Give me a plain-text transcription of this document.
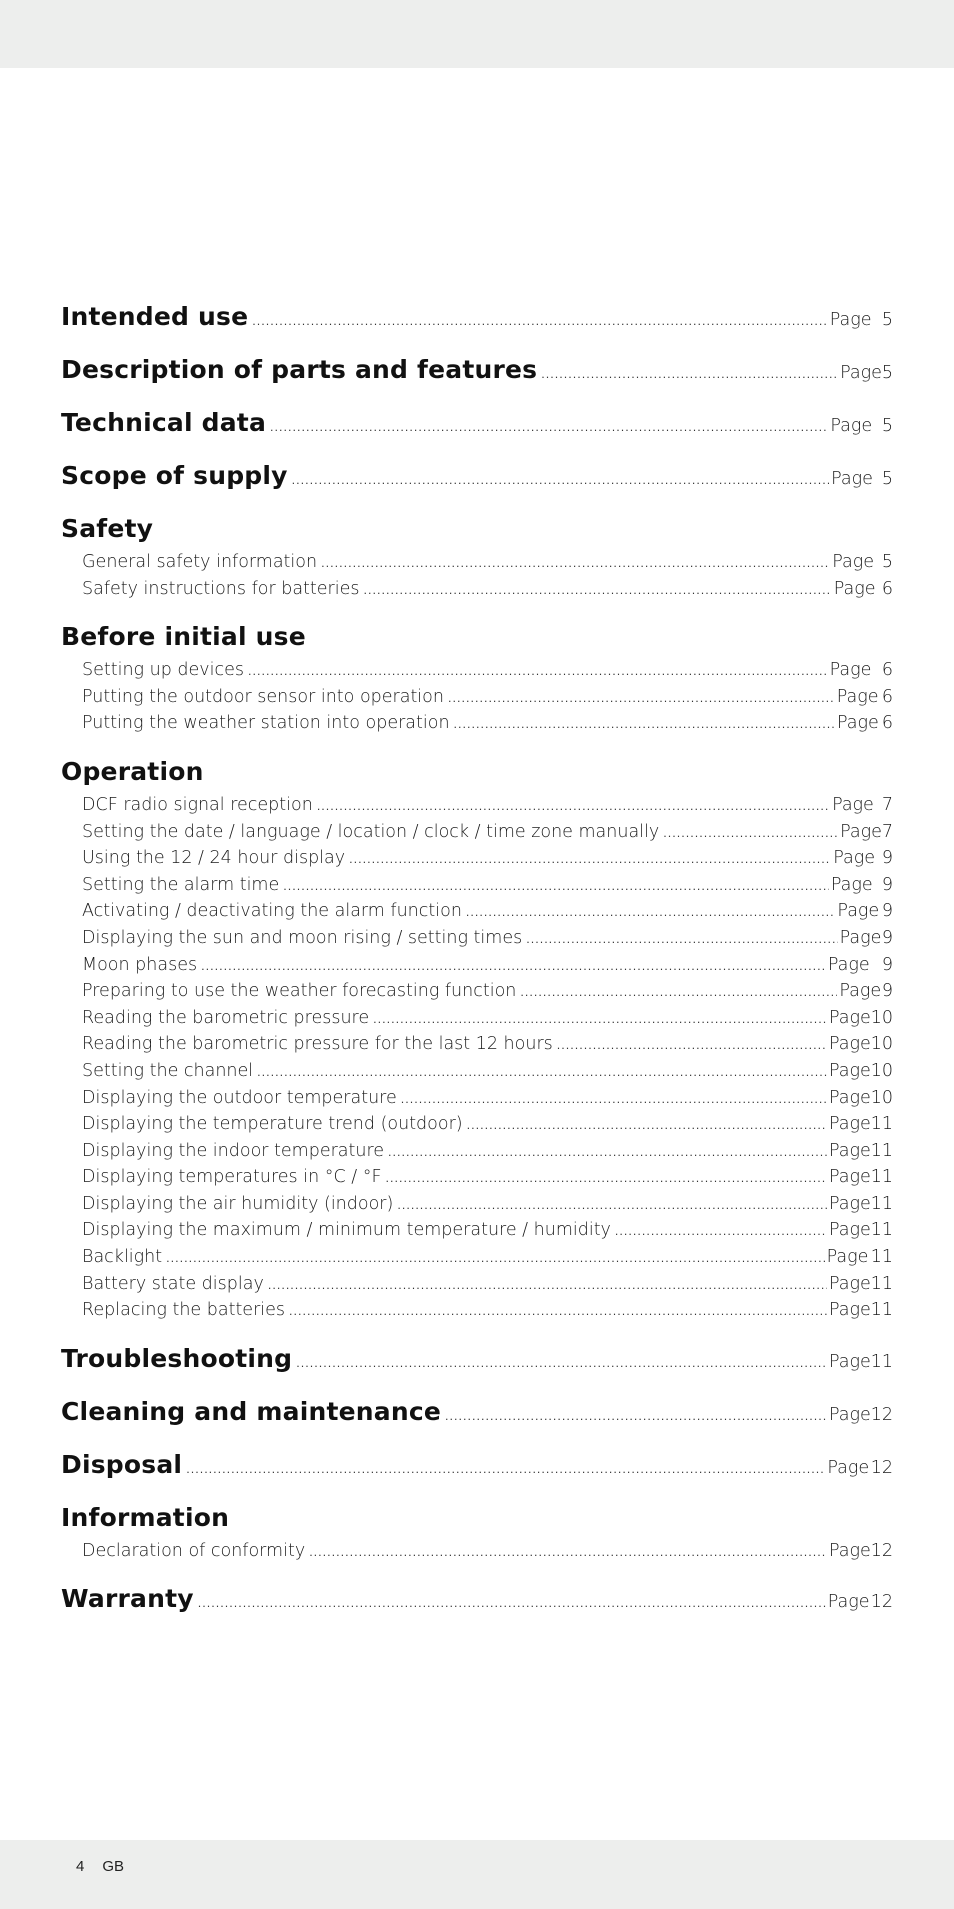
Intended use .....	Page 5
Description of parts and features .....	Page 5
Technical data .....	Page 5
Scope of supply .....	Page 5
Safety
General safety information .....	Page 5
Safety instructions for batteries .....	Page 6
Before initial use
Setting up devices .....	Page 6
Putting the outdoor sensor into operation .....	Page 6
Putting the weather station into operation .....	Page 6
Operation
DCF radio signal reception .....	Page 7
Setting the date / language / location / clock / time zone manually .....	Page 7
Using the 12 / 24 hour display .....	Page 9
Setting the alarm time .....	Page 9
Activating / deactivating the alarm function .....	Page 9
Displaying the sun and moon rising / setting times .....	Page 9
Moon phases .....	Page 9
Preparing to use the weather forecasting function .....	Page 9
Reading the barometric pressure .....	Page 10
Reading the barometric pressure for the last 12 hours .....	Page 10
Setting the channel .....	Page 10
Displaying the outdoor temperature .....	Page 10
Displaying the temperature trend (outdoor) .....	Page 11
Displaying the indoor temperature .....	Page 11
Displaying temperatures in °C / °F .....	Page 11
Displaying the air humidity (indoor) .....	Page 11
Displaying the maximum / minimum temperature / humidity .....	Page 11
Backlight .....	Page 11
Battery state display .....	Page 11
Replacing the batteries .....	Page 11
Troubleshooting .....	Page 11
Cleaning and maintenance .....	Page 12
Disposal .....	Page 12
Information
Declaration of conformity .....	Page 12
Warranty .....	Page 12
4 GB
